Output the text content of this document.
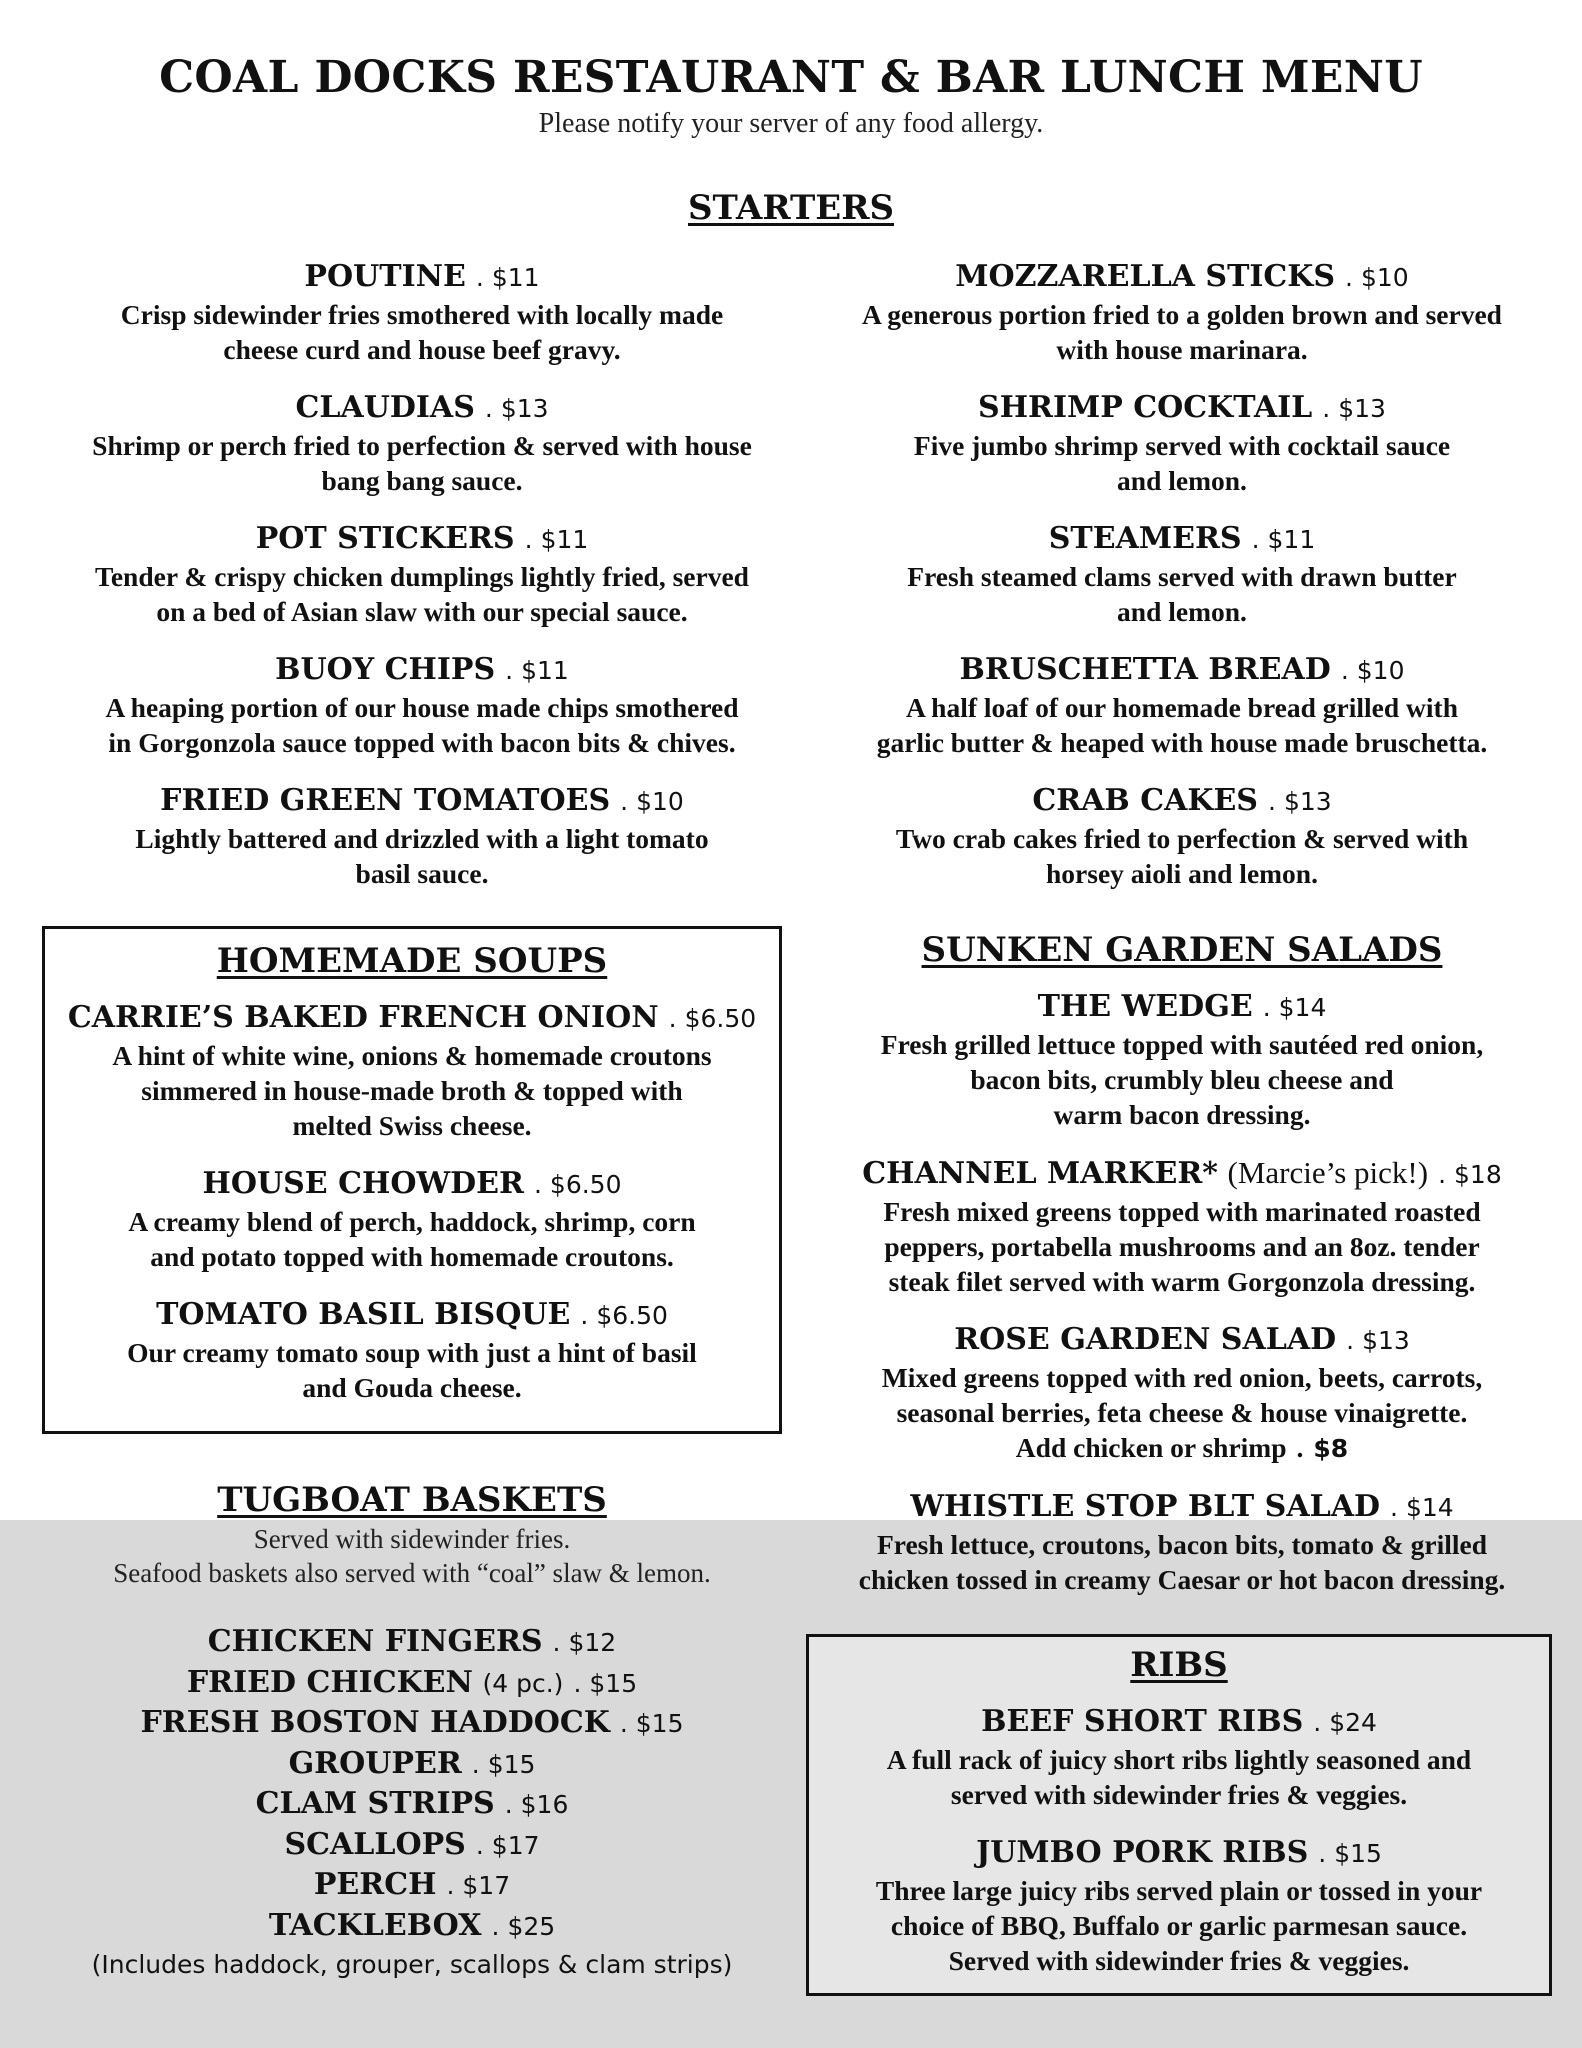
COAL DOCKS RESTAURANT & BAR LUNCH MENU
Please notify your server of any food allergy.
STARTERS
POUTINE . $11

Crisp sidewinder fries smothered with locally made
cheese curd and house beef gravy.

CLAUDIAS . $13

Shrimp or perch fried to perfection & served with house
bang bang sauce.

POT STICKERS . $11

Tender & crispy chicken dumplings lightly fried, served
on a bed of Asian slaw with our special sauce.

BUOY CHIPS . $11

A heaping portion of our house made chips smothered
in Gorgonzola sauce topped with bacon bits & chives.

FRIED GREEN TOMATOES . $10

Lightly battered and drizzled with a light tomato
basil sauce.

MOZZARELLA STICKS . $10

A generous portion fried to a golden brown and served
with house marinara.

SHRIMP COCKTAIL . $13

Five jumbo shrimp served with cocktail sauce
and lemon.

STEAMERS . $11

Fresh steamed clams served with drawn butter
and lemon.

BRUSCHETTA BREAD . $10

A half loaf of our homemade bread grilled with
garlic butter & heaped with house made bruschetta.

CRAB CAKES . $13

Two crab cakes fried to perfection & served with
horsey aioli and lemon.

HOMEMADE SOUPS
CARRIE’S BAKED FRENCH ONION . $6.50

A hint of white wine, onions & homemade croutons
simmered in house-made broth & topped with
melted Swiss cheese.

HOUSE CHOWDER . $6.50

A creamy blend of perch, haddock, shrimp, corn
and potato topped with homemade croutons.

TOMATO BASIL BISQUE . $6.50

Our creamy tomato soup with just a hint of basil
and Gouda cheese.

SUNKEN GARDEN SALADS
THE WEDGE . $14

Fresh grilled lettuce topped with sautéed red onion,
bacon bits, crumbly bleu cheese and
warm bacon dressing.

CHANNEL MARKER* (Marcie’s pick!) . $18

Fresh mixed greens topped with marinated roasted
peppers, portabella mushrooms and an 8oz. tender
steak filet served with warm Gorgonzola dressing.

ROSE GARDEN SALAD . $13

Mixed greens topped with red onion, beets, carrots,
seasonal berries, feta cheese & house vinaigrette.
Add chicken or shrimp . $8

WHISTLE STOP BLT SALAD . $14

Fresh lettuce, croutons, bacon bits, tomato & grilled
chicken tossed in creamy Caesar or hot bacon dressing.

TUGBOAT BASKETS

Served with sidewinder fries.
Seafood baskets also served with “coal” slaw & lemon.

CHICKEN FINGERS . $12
FRIED CHICKEN (4 pc.) . $15
FRESH BOSTON HADDOCK . $15
GROUPER . $15
CLAM STRIPS . $16
SCALLOPS . $17
PERCH . $17
TACKLEBOX . $25
(Includes haddock, grouper, scallops & clam strips)
RIBS
BEEF SHORT RIBS . $24

A full rack of juicy short ribs lightly seasoned and
served with sidewinder fries & veggies.

JUMBO PORK RIBS . $15

Three large juicy ribs served plain or tossed in your
choice of BBQ, Buffalo or garlic parmesan sauce.
Served with sidewinder fries & veggies.
